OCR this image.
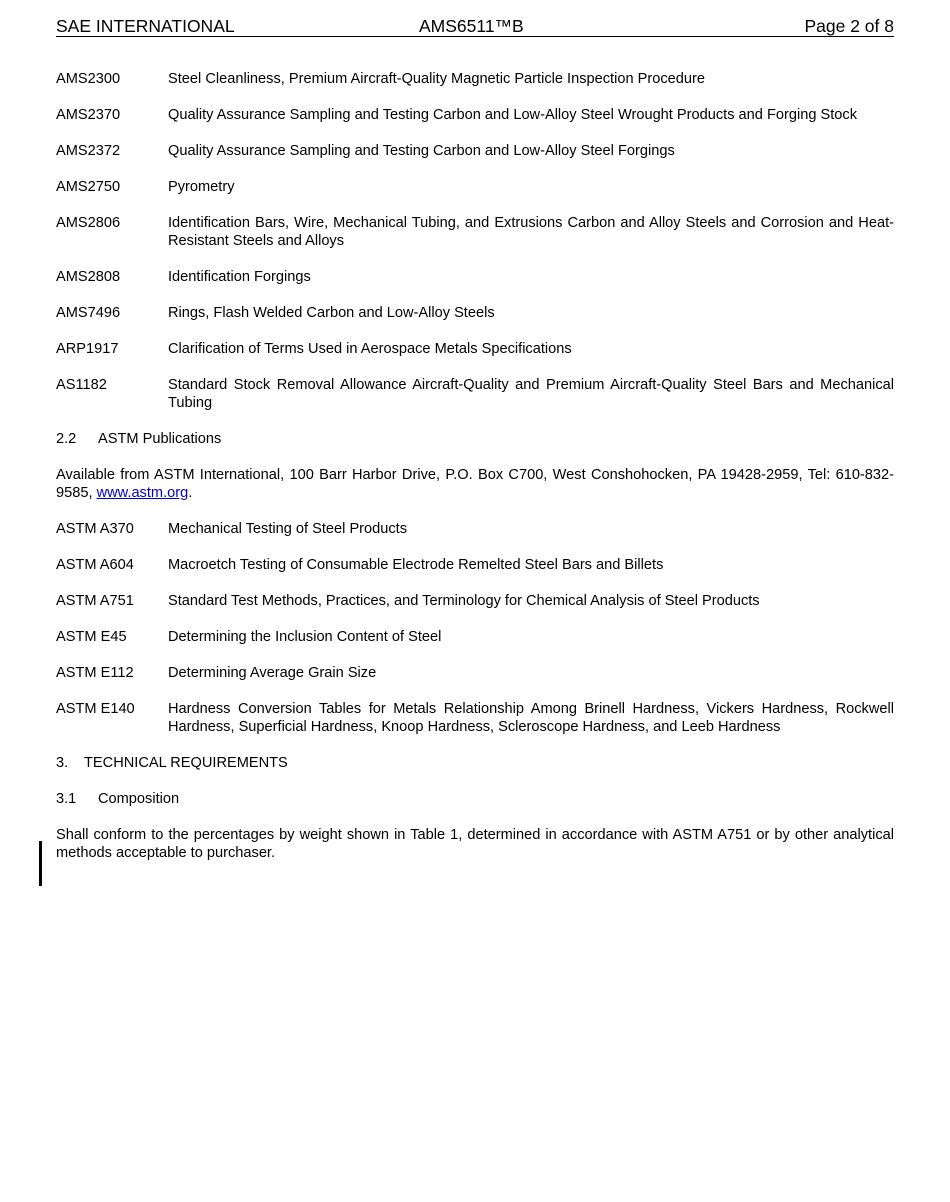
SAE INTERNATIONAL	AMS6511™B	Page 2 of 8
AMS2300	Steel Cleanliness, Premium Aircraft-Quality Magnetic Particle Inspection Procedure
AMS2370	Quality Assurance Sampling and Testing Carbon and Low-Alloy Steel Wrought Products and Forging Stock
AMS2372	Quality Assurance Sampling and Testing Carbon and Low-Alloy Steel Forgings
AMS2750	Pyrometry
AMS2806	Identification Bars, Wire, Mechanical Tubing, and Extrusions Carbon and Alloy Steels and Corrosion and Heat-Resistant Steels and Alloys
AMS2808	Identification Forgings
AMS7496	Rings, Flash Welded Carbon and Low-Alloy Steels
ARP1917	Clarification of Terms Used in Aerospace Metals Specifications
AS1182	Standard Stock Removal Allowance Aircraft-Quality and Premium Aircraft-Quality Steel Bars and Mechanical Tubing
2.2 ASTM Publications
Available from ASTM International, 100 Barr Harbor Drive, P.O. Box C700, West Conshohocken, PA 19428-2959, Tel: 610-832-9585, www.astm.org.
ASTM A370	Mechanical Testing of Steel Products
ASTM A604	Macroetch Testing of Consumable Electrode Remelted Steel Bars and Billets
ASTM A751	Standard Test Methods, Practices, and Terminology for Chemical Analysis of Steel Products
ASTM E45	Determining the Inclusion Content of Steel
ASTM E112	Determining Average Grain Size
ASTM E140	Hardness Conversion Tables for Metals Relationship Among Brinell Hardness, Vickers Hardness, Rockwell Hardness, Superficial Hardness, Knoop Hardness, Scleroscope Hardness, and Leeb Hardness
3. TECHNICAL REQUIREMENTS
3.1 Composition
Shall conform to the percentages by weight shown in Table 1, determined in accordance with ASTM A751 or by other analytical methods acceptable to purchaser.
